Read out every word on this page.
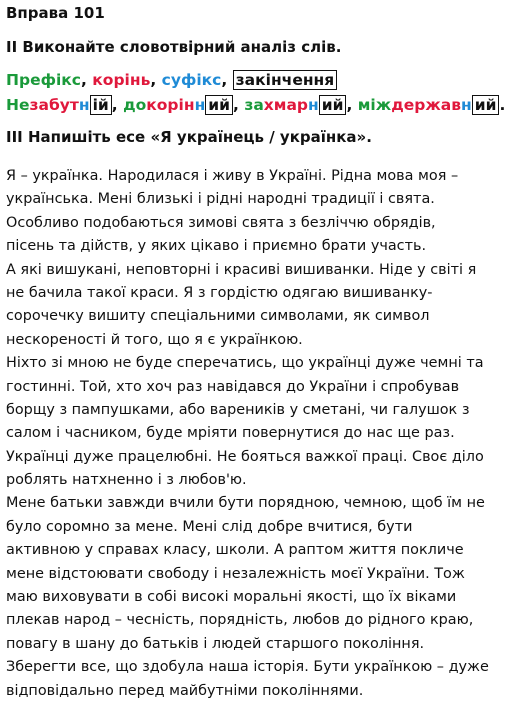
Вправа 101
II Виконайте словотвірний аналіз слів.
Префікс, корінь, суфікс, закінчення
Незабутн ій , докорінн ий , захмарн ий , міждержавн ий .
III Напишіть есе «Я українець / українка».
Я – українка. Народилася і живу в Україні. Рідна мова моя –
українська. Мені близькі і рідні народні традиції і свята.
Особливо подобаються зимові свята з безліччю обрядів,
пісень та дійств, у яких цікаво і приємно брати участь.
А які вишукані, неповторні і красиві вишиванки. Ніде у світі я
не бачила такої краси. Я з гордістю одягаю вишиванку-
сорочечку вишиту спеціальними символами, як символ
нескореності й того, що я є українкою.
Ніхто зі мною не буде сперечатись, що українці дуже чемні та
гостинні. Той, хто хоч раз навідався до України і спробував
борщу з пампушками, або вареників у сметані, чи галушок з
салом і часником, буде мріяти повернутися до нас ще раз.
Українці дуже працелюбні. Не бояться важкої праці. Своє діло
роблять натхненно і з любов'ю.
Мене батьки завжди вчили бути порядною, чемною, щоб їм не
було соромно за мене. Мені слід добре вчитися, бути
активною у справах класу, школи. А раптом життя покличе
мене відстоювати свободу і незалежність моєї України. Тож
маю виховувати в собі високі моральні якості, що їх віками
плекав народ – чесність, порядність, любов до рідного краю,
повагу в шану до батьків і людей старшого покоління.
Зберегти все, що здобула наша історія. Бути українкою – дуже
відповідально перед майбутніми поколіннями.
